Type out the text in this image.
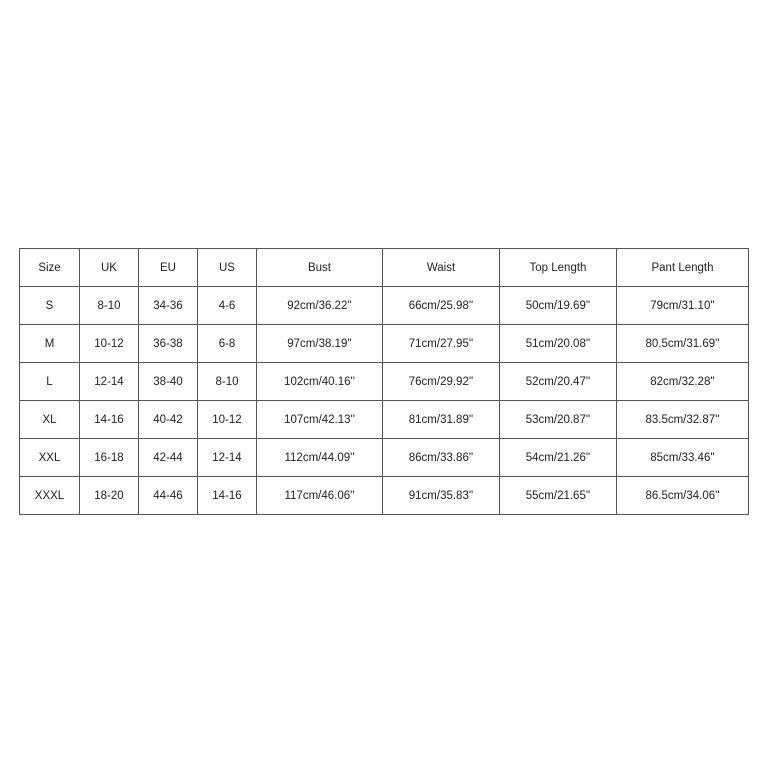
Size	UK	EU	US	Bust	Waist	Top Length	Pant Length
S	8-10	34-36	4-6	92cm/36.22''	66cm/25.98''	50cm/19.69''	79cm/31.10''
M	10-12	36-38	6-8	97cm/38.19''	71cm/27.95''	51cm/20.08''	80.5cm/31.69''
L	12-14	38-40	8-10	102cm/40.16''	76cm/29.92''	52cm/20.47''	82cm/32.28''
XL	14-16	40-42	10-12	107cm/42.13''	81cm/31.89''	53cm/20.87''	83.5cm/32.87''
XXL	16-18	42-44	12-14	112cm/44.09''	86cm/33.86''	54cm/21.26''	85cm/33.46''
XXXL	18-20	44-46	14-16	117cm/46.06''	91cm/35.83''	55cm/21.65''	86.5cm/34.06''
